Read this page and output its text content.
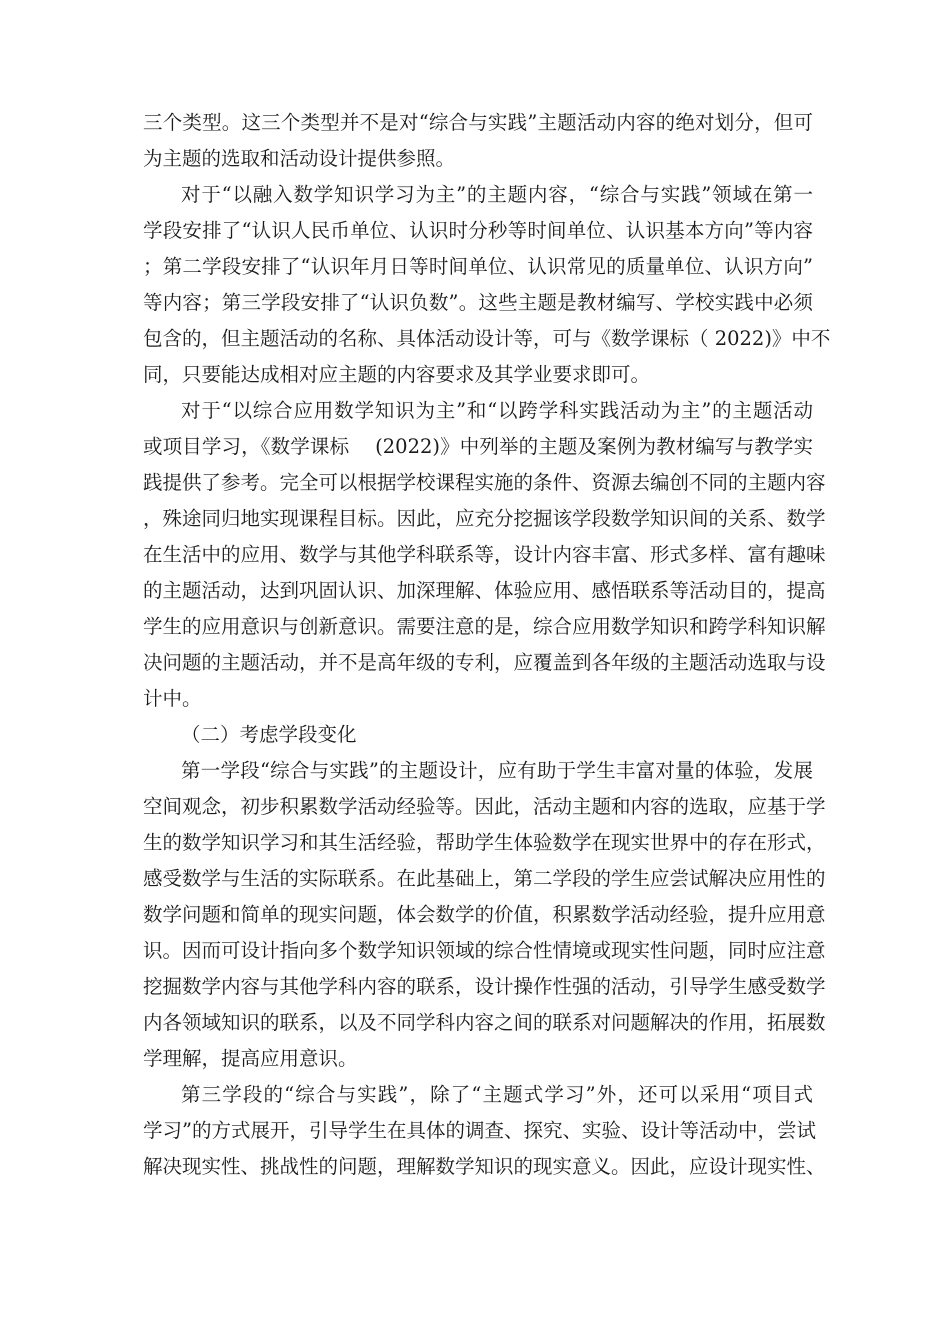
三个类型。这三个类型并不是对“综合与实践”主题活动内容的绝对划分，但可
为主题的选取和活动设计提供参照。
对于“以融入数学知识学习为主”的主题内容，“综合与实践”领域在第一
学段安排了“认识人民币单位、认识时分秒等时间单位、认识基本方向”等内容
；第二学段安排了“认识年月日等时间单位、认识常见的质量单位、认识方向”
等内容；第三学段安排了“认识负数”。这些主题是教材编写、学校实践中必须
包含的，但主题活动的名称、具体活动设计等，可与《数学课标（ 2022)》中不
同，只要能达成相对应主题的内容要求及其学业要求即可。
对于“以综合应用数学知识为主”和“以跨学科实践活动为主”的主题活动
或项目学习，《数学课标　 (2022)》中列举的主题及案例为教材编写与教学实
践提供了参考。完全可以根据学校课程实施的条件、资源去编创不同的主题内容
，殊途同归地实现课程目标。因此，应充分挖掘该学段数学知识间的关系、数学
在生活中的应用、数学与其他学科联系等，设计内容丰富、形式多样、富有趣味
的主题活动，达到巩固认识、加深理解、体验应用、感悟联系等活动目的，提高
学生的应用意识与创新意识。需要注意的是，综合应用数学知识和跨学科知识解
决问题的主题活动，并不是高年级的专利，应覆盖到各年级的主题活动选取与设
计中。
（二）考虑学段变化
第一学段“综合与实践”的主题设计，应有助于学生丰富对量的体验，发展
空间观念，初步积累数学活动经验等。因此，活动主题和内容的选取，应基于学
生的数学知识学习和其生活经验，帮助学生体验数学在现实世界中的存在形式，
感受数学与生活的实际联系。在此基础上，第二学段的学生应尝试解决应用性的
数学问题和简单的现实问题，体会数学的价值，积累数学活动经验，提升应用意
识。因而可设计指向多个数学知识领域的综合性情境或现实性问题，同时应注意
挖掘数学内容与其他学科内容的联系，设计操作性强的活动，引导学生感受数学
内各领域知识的联系，以及不同学科内容之间的联系对问题解决的作用，拓展数
学理解，提高应用意识。
第三学段的“综合与实践”，除了“主题式学习”外，还可以采用“项目式
学习”的方式展开，引导学生在具体的调查、探究、实验、设计等活动中，尝试
解决现实性、挑战性的问题，理解数学知识的现实意义。因此，应设计现实性、
